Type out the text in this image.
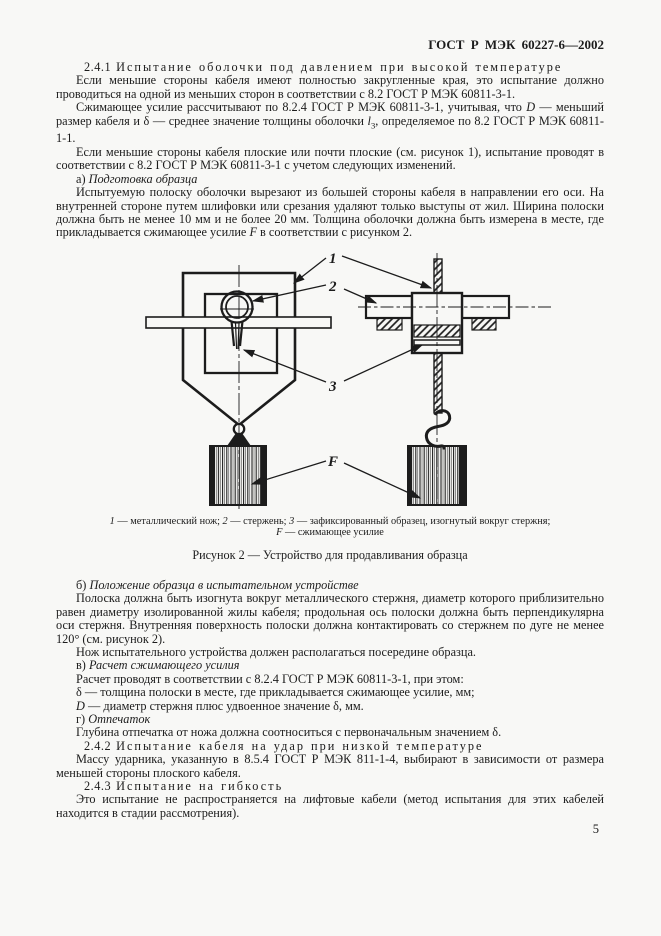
ГОСТ Р МЭК 60227-6—2002

2.4.1 Испытание оболочки под давлением при высокой температуре

Если меньшие стороны кабеля имеют полностью закругленные края, это испытание должно проводиться на одной из меньших сторон в соответствии с 8.2 ГОСТ Р МЭК 60811-3-1.

Сжимающее усилие рассчитывают по 8.2.4 ГОСТ Р МЭК 60811-3-1, учитывая, что D — меньший размер кабеля и δ — среднее значение толщины оболочки $l_3$, определяемое по 8.2 ГОСТ Р МЭК 60811-1-1.

Если меньшие стороны кабеля плоские или почти плоские (см. рисунок 1), испытание проводят в соответствии с 8.2 ГОСТ Р МЭК 60811-3-1 с учетом следующих изменений.

а) Подготовка образца

Испытуемую полоску оболочки вырезают из большей стороны кабеля в направлении его оси. На внутренней стороне путем шлифовки или срезания удаляют только выступы от жил. Ширина полоски должна быть не менее 10 мм и не более 20 мм. Толщина оболочки должна быть измерена в месте, где прикладывается сжимающее усилие F в соответствии с рисунком 2.

1
2
3
F
1 — металлический нож; 2 — стержень; 3 — зафиксированный образец, изогнутый вокруг стержня;
F — сжимающее усилие
Рисунок 2 — Устройство для продавливания образца

б) Положение образца в испытательном устройстве

Полоска должна быть изогнута вокруг металлического стержня, диаметр которого приблизительно равен диаметру изолированной жилы кабеля; продольная ось полоски должна быть перпендикулярна оси стержня. Внутренняя поверхность полоски должна контактировать со стержнем по дуге не менее 120° (см. рисунок 2).

Нож испытательного устройства должен располагаться посередине образца.

в) Расчет сжимающего усилия

Расчет проводят в соответствии с 8.2.4 ГОСТ Р МЭК 60811-3-1, при этом:

δ — толщина полоски в месте, где прикладывается сжимающее усилие, мм;

D — диаметр стержня плюс удвоенное значение δ, мм.

г) Отпечаток

Глубина отпечатка от ножа должна соотноситься с первоначальным значением δ.

2.4.2 Испытание кабеля на удар при низкой температуре

Массу ударника, указанную в 8.5.4 ГОСТ Р МЭК 811-1-4, выбирают в зависимости от размера меньшей стороны плоского кабеля.

2.4.3 Испытание на гибкость

Это испытание не распространяется на лифтовые кабели (метод испытания для этих кабелей находится в стадии рассмотрения).

5
